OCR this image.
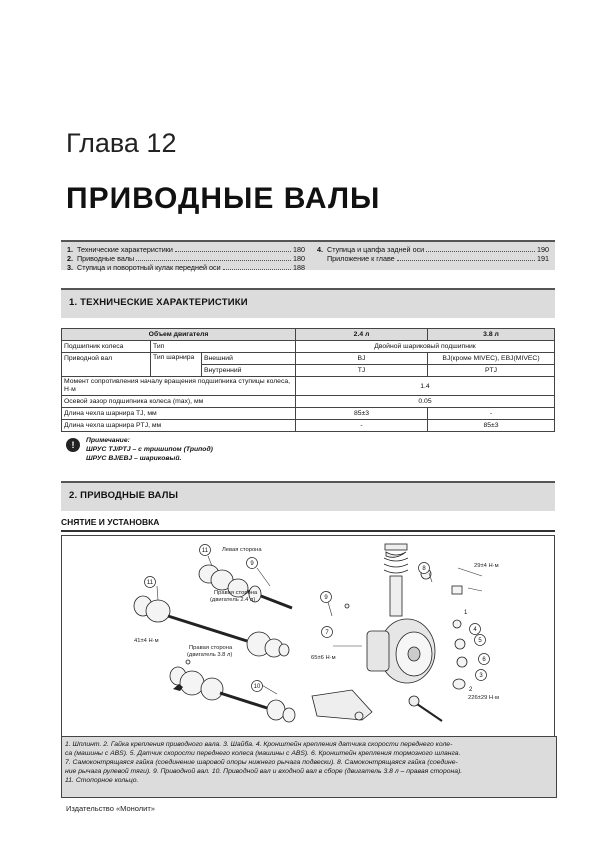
Глава 12
ПРИВОДНЫЕ ВАЛЫ
1. Технические характеристики	180
2. Приводные валы	180
3. Ступица и поворотный кулак передней оси	188
4. Ступица и цапфа задней оси	190
Приложение к главе	191
1. ТЕХНИЧЕСКИЕ ХАРАКТЕРИСТИКИ
Объем двигателя			2.4 л	3.8 л
Подшипник колеса	Тип		Двойной шариковый подшипник	
Приводной вал	Тип шарнира	Внешний	BJ	BJ(кроме MIVEC), EBJ(MIVEC)
		Внутренний	TJ	PTJ
Момент сопротивления началу вращения подшипника ступицы колеса, Н·м			1.4	
Осевой зазор подшипника колеса (max), мм			0.05	
Длина чехла шарнира TJ, мм			85±3	-
Длина чехла шарнира PTJ, мм			-	85±3
!	Примечание:
ШРУС TJ/PTJ – с тришипом (Трипод)
ШРУС BJ/EBJ – шариковый.
2. ПРИВОДНЫЕ ВАЛЫ
СНЯТИЕ И УСТАНОВКА
11
11
9
9
7
8
4
5
6
3
10	2
1
Левая сторона
Правая сторона
(двигатель 2.4 л)
Правая сторона
(двигатель 3.8 л)
41±4 Н·м
29±4 Н·м
65±6 Н·м
226±29 Н·м
1. Шплинт. 2. Гайка крепления приводного вала. 3. Шайба. 4. Кронштейн крепления датчика скорости переднего коле-
са (машины с ABS). 5. Датчик скорости переднего колеса (машины с ABS). 6. Кронштейн крепления тормозного шланга.
7. Самоконтрящаяся гайка (соединение шаровой опоры нижнего рычага подвески). 8. Самоконтрящаяся гайка (соедине-
ние рычага рулевой тяги). 9. Приводной вал. 10. Приводной вал и входной вал в сборе (двигатель 3.8 л – правая сторона).
11. Стопорное кольцо.
Издательство «Монолит»
